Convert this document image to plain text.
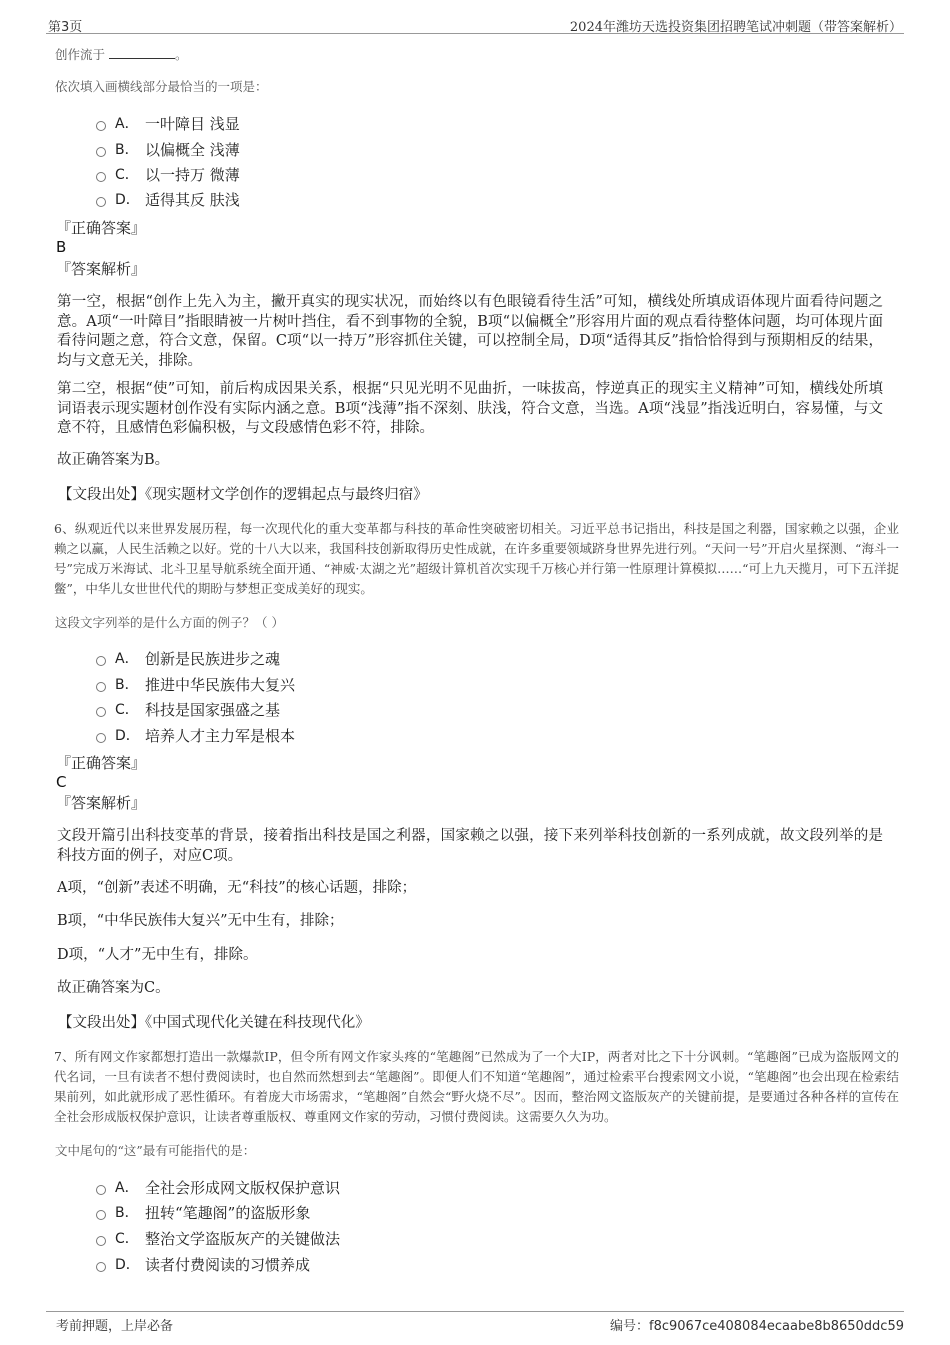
第3页	2024年潍坊天选投资集团招聘笔试冲刺题（带答案解析）
创作流于	。
依次填入画横线部分最恰当的一项是：
A． 一叶障目 浅显
B． 以偏概全 浅薄
C． 以一持万 微薄
D． 适得其反 肤浅
『正确答案』
B
『答案解析』
第一空，根据“创作上先入为主，撇开真实的现实状况，而始终以有色眼镜看待生活”可知，横线处所填成语体现片面看待问题之意。A项“一叶障目”指眼睛被一片树叶挡住，看不到事物的全貌，B项“以偏概全”形容用片面的观点看待整体问题，均可体现片面看待问题之意，符合文意，保留。C项“以一持万”形容抓住关键，可以控制全局，D项“适得其反”指恰恰得到与预期相反的结果，均与文意无关，排除。
第二空，根据“使”可知，前后构成因果关系，根据“只见光明不见曲折，一味拔高，悖逆真正的现实主义精神”可知，横线处所填词语表示现实题材创作没有实际内涵之意。B项“浅薄”指不深刻、肤浅，符合文意，当选。A项“浅显”指浅近明白，容易懂，与文意不符，且感情色彩偏积极，与文段感情色彩不符，排除。
故正确答案为B。
【文段出处】《现实题材文学创作的逻辑起点与最终归宿》
6、纵观近代以来世界发展历程，每一次现代化的重大变革都与科技的革命性突破密切相关。习近平总书记指出，科技是国之利器，国家赖之以强，企业赖之以赢，人民生活赖之以好。党的十八大以来，我国科技创新取得历史性成就，在许多重要领域跻身世界先进行列。“天问一号”开启火星探测、“海斗一号”完成万米海试、北斗卫星导航系统全面开通、“神威·太湖之光”超级计算机首次实现千万核心并行第一性原理计算模拟……“可上九天揽月，可下五洋捉鳖”，中华儿女世世代代的期盼与梦想正变成美好的现实。
这段文字列举的是什么方面的例子？（ ）
A． 创新是民族进步之魂
B． 推进中华民族伟大复兴
C． 科技是国家强盛之基
D． 培养人才主力军是根本
『正确答案』
C
『答案解析』
文段开篇引出科技变革的背景，接着指出科技是国之利器，国家赖之以强，接下来列举科技创新的一系列成就，故文段列举的是科技方面的例子，对应C项。
A项，“创新”表述不明确，无“科技”的核心话题，排除；
B项，“中华民族伟大复兴”无中生有，排除；
D项，“人才”无中生有，排除。
故正确答案为C。
【文段出处】《中国式现代化关键在科技现代化》
7、所有网文作家都想打造出一款爆款IP，但令所有网文作家头疼的“笔趣阁”已然成为了一个大IP，两者对比之下十分讽刺。“笔趣阁”已成为盗版网文的代名词，一旦有读者不想付费阅读时，也自然而然想到去“笔趣阁”。即便人们不知道“笔趣阁”，通过检索平台搜索网文小说，“笔趣阁”也会出现在检索结果前列，如此就形成了恶性循环。有着庞大市场需求，“笔趣阁”自然会“野火烧不尽”。因而，整治网文盗版灰产的关键前提，是要通过各种各样的宣传在全社会形成版权保护意识，让读者尊重版权、尊重网文作家的劳动，习惯付费阅读。这需要久久为功。
文中尾句的“这”最有可能指代的是：
A． 全社会形成网文版权保护意识
B． 扭转“笔趣阁”的盗版形象
C． 整治文学盗版灰产的关键做法
D． 读者付费阅读的习惯养成
考前押题，上岸必备	编号：f8c9067ce408084ecaabe8b8650ddc59
